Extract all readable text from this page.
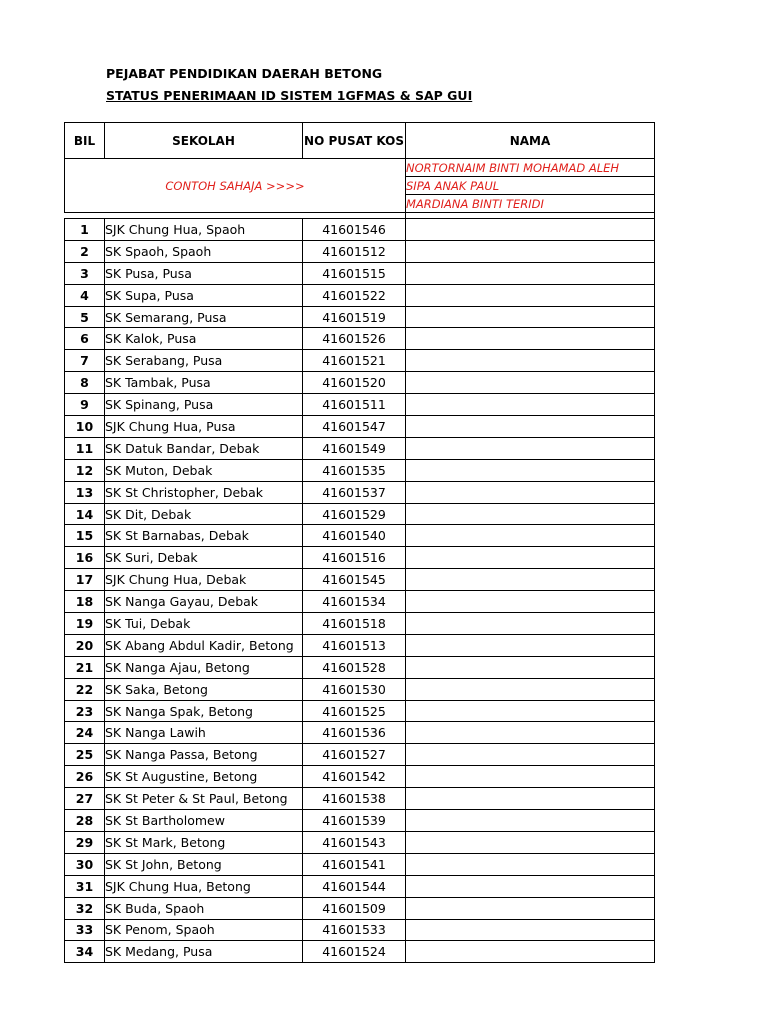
PEJABAT PENDIDIKAN DAERAH BETONG
STATUS PENERIMAAN ID SISTEM 1GFMAS & SAP GUI
BIL	SEKOLAH	NO PUSAT KOS	NAMA
CONTOH SAHAJA >>>>			NORTORNAIM BINTI MOHAMAD ALEH
			SIPA ANAK PAUL
			MARDIANA BINTI TERIDI

1	SJK Chung Hua, Spaoh	41601546	
2	SK Spaoh, Spaoh	41601512	
3	SK Pusa, Pusa	41601515	
4	SK Supa, Pusa	41601522	
5	SK Semarang, Pusa	41601519	
6	SK Kalok, Pusa	41601526	
7	SK Serabang, Pusa	41601521	
8	SK Tambak, Pusa	41601520	
9	SK Spinang, Pusa	41601511	
10	SJK Chung Hua, Pusa	41601547	
11	SK Datuk Bandar, Debak	41601549	
12	SK Muton, Debak	41601535	
13	SK St Christopher, Debak	41601537	
14	SK Dit, Debak	41601529	
15	SK St Barnabas, Debak	41601540	
16	SK Suri, Debak	41601516	
17	SJK Chung Hua, Debak	41601545	
18	SK Nanga Gayau, Debak	41601534	
19	SK Tui, Debak	41601518	
20	SK Abang Abdul Kadir, Betong	41601513	
21	SK Nanga Ajau, Betong	41601528	
22	SK Saka, Betong	41601530	
23	SK Nanga Spak, Betong	41601525	
24	SK Nanga Lawih	41601536	
25	SK Nanga Passa, Betong	41601527	
26	SK St Augustine, Betong	41601542	
27	SK St Peter & St Paul, Betong	41601538	
28	SK St Bartholomew	41601539	
29	SK St Mark, Betong	41601543	
30	SK St John, Betong	41601541	
31	SJK Chung Hua, Betong	41601544	
32	SK Buda, Spaoh	41601509	
33	SK Penom, Spaoh	41601533	
34	SK Medang, Pusa	41601524	
